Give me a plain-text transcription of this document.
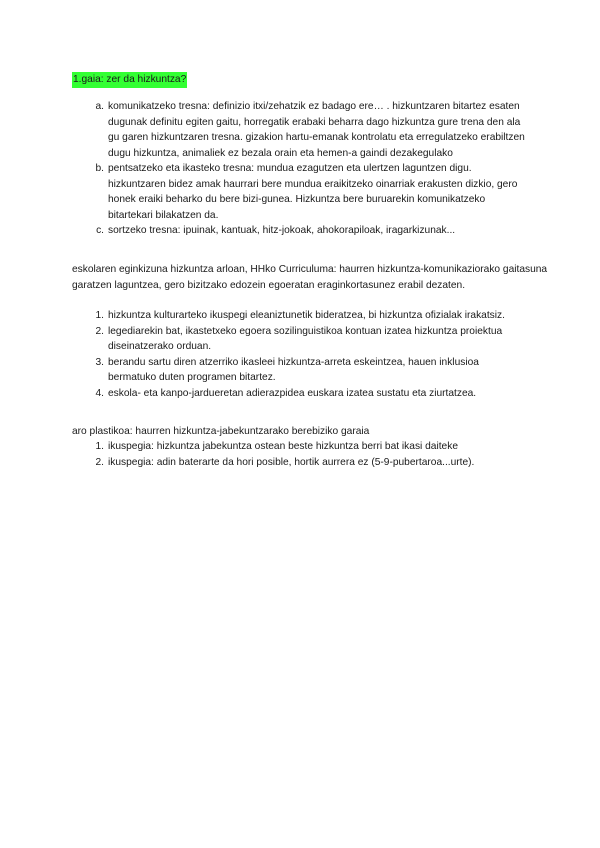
1.gaia: zer da hizkuntza?
a. komunikatzeko tresna: definizio itxi/zehatzik ez badago ere… . hizkuntzaren bitartez esaten dugunak definitu egiten gaitu, horregatik erabaki beharra dago hizkuntza gure trena den ala gu garen hizkuntzaren tresna. gizakion hartu-emanak kontrolatu eta erregulatzeko erabiltzen dugu hizkuntza, animaliek ez bezala orain eta hemen-a gaindi dezakegulako
b. pentsatzeko eta ikasteko tresna: mundua ezagutzen eta ulertzen laguntzen digu. hizkuntzaren bidez amak haurrari bere mundua eraikitzeko oinarriak erakusten dizkio, gero honek eraiki beharko du bere bizi-gunea. Hizkuntza bere buruarekin komunikatzeko bitartekari bilakatzen da.
c. sortzeko tresna: ipuinak, kantuak, hitz-jokoak, ahokorapiloak, iragarkizunak...
eskolaren eginkizuna hizkuntza arloan, HHko Curriculuma: haurren hizkuntza-komunikaziorako gaitasuna garatzen laguntzea, gero bizitzako edozein egoeratan eraginkortasunez erabil dezaten.
1. hizkuntza kulturarteko ikuspegi eleaniztunetik bideratzea, bi hizkuntza ofizialak irakatsiz.
2. legediarekin bat, ikastetxeko egoera sozilinguistikoa kontuan izatea hizkuntza proiektua diseinatzerako orduan.
3. berandu sartu diren atzerriko ikasleei hizkuntza-arreta eskeintzea, hauen inklusioa bermatuko duten programen bitartez.
4. eskola- eta kanpo-jardueretan adierazpidea euskara izatea sustatu eta ziurtatzea.
aro plastikoa: haurren hizkuntza-jabekuntzarako berebiziko garaia
1. ikuspegia: hizkuntza jabekuntza ostean beste hizkuntza berri bat ikasi daiteke
2. ikuspegia: adin baterarte da hori posible, hortik aurrera ez (5-9-pubertaroa...urte).
